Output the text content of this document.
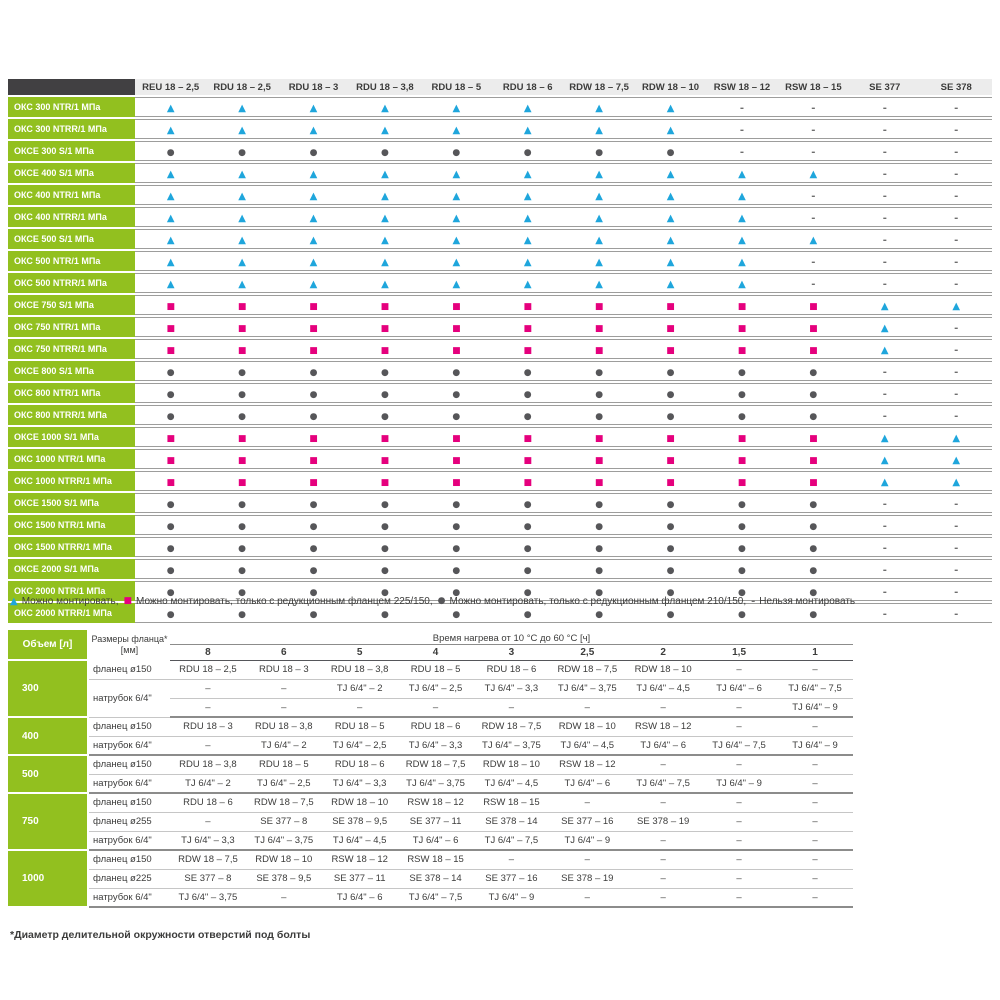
	REU 18 – 2,5	RDU 18 – 2,5	RDU 18 – 3	RDU 18 – 3,8	RDU 18 – 5	RDU 18 – 6	RDW 18 – 7,5	RDW 18 – 10	RSW 18 – 12	RSW 18 – 15	SE 377	SE 378
ОКС 300 NTR/1 МПа	▲	▲	▲	▲	▲	▲	▲	▲	-	-	-	-
ОКС 300 NTRR/1 МПа	▲	▲	▲	▲	▲	▲	▲	▲	-	-	-	-
ОКСЕ 300 S/1 МПа	●	●	●	●	●	●	●	●	-	-	-	-
ОКСЕ 400 S/1 МПа	▲	▲	▲	▲	▲	▲	▲	▲	▲	▲	-	-
ОКС 400 NTR/1 МПа	▲	▲	▲	▲	▲	▲	▲	▲	▲	-	-	-
ОКС 400 NTRR/1 МПа	▲	▲	▲	▲	▲	▲	▲	▲	▲	-	-	-
ОКСЕ 500 S/1 МПа	▲	▲	▲	▲	▲	▲	▲	▲	▲	▲	-	-
ОКС 500 NTR/1 МПа	▲	▲	▲	▲	▲	▲	▲	▲	▲	-	-	-
ОКС 500 NTRR/1 МПа	▲	▲	▲	▲	▲	▲	▲	▲	▲	-	-	-
ОКСЕ 750 S/1 МПа	■	■	■	■	■	■	■	■	■	■	▲	▲
ОКС 750 NTR/1 МПа	■	■	■	■	■	■	■	■	■	■	▲	-
ОКС 750 NTRR/1 МПа	■	■	■	■	■	■	■	■	■	■	▲	-
ОКСЕ 800 S/1 МПа	●	●	●	●	●	●	●	●	●	●	-	-
ОКС 800 NTR/1 МПа	●	●	●	●	●	●	●	●	●	●	-	-
ОКС 800 NTRR/1 МПа	●	●	●	●	●	●	●	●	●	●	-	-
ОКСЕ 1000 S/1 МПа	■	■	■	■	■	■	■	■	■	■	▲	▲
ОКС 1000 NTR/1 МПа	■	■	■	■	■	■	■	■	■	■	▲	▲
ОКС 1000 NTRR/1 МПа	■	■	■	■	■	■	■	■	■	■	▲	▲
ОКСЕ 1500 S/1 МПа	●	●	●	●	●	●	●	●	●	●	-	-
ОКС 1500 NTR/1 МПа	●	●	●	●	●	●	●	●	●	●	-	-
ОКС 1500 NTRR/1 МПа	●	●	●	●	●	●	●	●	●	●	-	-
ОКСЕ 2000 S/1 МПа	●	●	●	●	●	●	●	●	●	●	-	-
ОКС 2000 NTR/1 МПа	●	●	●	●	●	●	●	●	●	●	-	-
ОКС 2000 NTRR/1 МПа	●	●	●	●	●	●	●	●	●	●	-	-
▲ Можно монтировать, ■ Можно монтировать, только с редукционным фланцем 225/150, ● Можно монтировать, только с редукционным фланцем 210/150, - Нельзя монтировать
Объем [л]	Размеры фланца*
[мм]	Время нагрева от 10 °C до 60 °C [ч]								
		8	6	5	4	3	2,5	2	1,5	1
300	фланец ø150	RDU 18 – 2,5	RDU 18 – 3	RDU 18 – 3,8	RDU 18 – 5	RDU 18 – 6	RDW 18 – 7,5	RDW 18 – 10	–	–
	натрубок 6/4"	–	–	TJ 6/4" – 2	TJ 6/4" – 2,5	TJ 6/4" – 3,3	TJ 6/4" – 3,75	TJ 6/4" – 4,5	TJ 6/4" – 6	TJ 6/4" – 7,5
		–	–	–	–	–	–	–	–	TJ 6/4" – 9
400	фланец ø150	RDU 18 – 3	RDU 18 – 3,8	RDU 18 – 5	RDU 18 – 6	RDW 18 – 7,5	RDW 18 – 10	RSW 18 – 12	–	–
	натрубок 6/4"	–	TJ 6/4" – 2	TJ 6/4" – 2,5	TJ 6/4" – 3,3	TJ 6/4" – 3,75	TJ 6/4" – 4,5	TJ 6/4" – 6	TJ 6/4" – 7,5	TJ 6/4" – 9
500	фланец ø150	RDU 18 – 3,8	RDU 18 – 5	RDU 18 – 6	RDW 18 – 7,5	RDW 18 – 10	RSW 18 – 12	–	–	–
	натрубок 6/4"	TJ 6/4" – 2	TJ 6/4" – 2,5	TJ 6/4" – 3,3	TJ 6/4" – 3,75	TJ 6/4" – 4,5	TJ 6/4" – 6	TJ 6/4" – 7,5	TJ 6/4" – 9	–
750	фланец ø150	RDU 18 – 6	RDW 18 – 7,5	RDW 18 – 10	RSW 18 – 12	RSW 18 – 15	–	–	–	–
	фланец ø255	–	SE 377 – 8	SE 378 – 9,5	SE 377 – 11	SE 378 – 14	SE 377 – 16	SE 378 – 19	–	–
	натрубок 6/4"	TJ 6/4" – 3,3	TJ 6/4" – 3,75	TJ 6/4" – 4,5	TJ 6/4" – 6	TJ 6/4" – 7,5	TJ 6/4" – 9	–	–	–
1000	фланец ø150	RDW 18 – 7,5	RDW 18 – 10	RSW 18 – 12	RSW 18 – 15	–	–	–	–	–
	фланец ø225	SE 377 – 8	SE 378 – 9,5	SE 377 – 11	SE 378 – 14	SE 377 – 16	SE 378 – 19	–	–	–
	натрубок 6/4"	TJ 6/4" – 3,75	–	TJ 6/4" – 6	TJ 6/4" – 7,5	TJ 6/4" – 9	–	–	–	–
*Диаметр делительной окружности отверстий под болты
